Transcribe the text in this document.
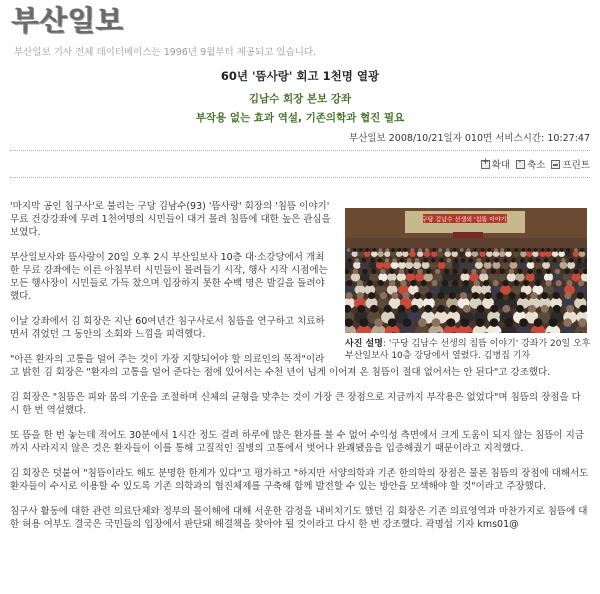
부산일보
부산일보 기사 전체 데이터베이스는 1996년 9월부터 제공되고 있습니다.
60년 '뜸사랑' 회고 1천명 열광
김남수 회장 본보 강좌
부작용 없는 효과 역설, 기존의학과 협진 필요
부산일보 2008/10/21일자 010면 서비스시간: 10:27:47
+
확대
- 축소 프린트
구당 김남수 선생의 '침뜸 이야기'
사진 설명: '구당 김남수 선생의 침뜸 이야기' 강좌가 20일 오후 부산일보사 10층 강당에서 열렸다. 김병집 기자

'마지막 공인 침구사'로 불리는 구당 김남수(93) '뜸사랑' 회장의 '침뜸 이야기' 무료 건강강좌에 무려 1천여명의 시민들이 대거 몰려 침뜸에 대한 높은 관심을 보였다.

부산일보사와 뜸사랑이 20일 오후 2시 부산일보사 10층 대·소강당에서 개최한 무료 강좌에는 이른 아침부터 시민들이 몰려들기 시작, 행사 시작 시점에는 모든 행사장이 시민들로 가득 찼으며 입장하지 못한 수백 명은 발길을 돌려야 했다.

이날 강좌에서 김 회장은 지난 60여년간 침구사로서 침뜸을 연구하고 치료하면서 겪었던 그 동안의 소회와 느낌을 피력했다.

"아픈 환자의 고통을 덜어 주는 것이 가장 지향되어야 할 의료인의 목적"이라고 밝힌 김 회장은 "환자의 고통을 덜어 준다는 점에 있어서는 수천 년이 넘게 이어져 온 침뜸이 절대 없어서는 안 된다"고 강조했다.

김 회장은 "침뜸은 피와 몸의 기운을 조절하며 신체의 균형을 맞추는 것이 가장 큰 장점으로 지금까지 부작용은 없었다"며 침뜸의 장점을 다시 한 번 역설했다.

또 뜸을 한 번 놓는데 적어도 30분에서 1시간 정도 걸려 하루에 많은 환자를 볼 수 없어 수익성 측면에서 크게 도움이 되지 않는 침뜸이 지금까지 사라지지 않은 것은 환자들이 이를 통해 고질적인 질병의 고통에서 벗어나 완쾌됐음을 입증해줬기 때문이라고 지적했다.

김 회장은 덧붙여 "침뜸이라도 해도 분명한 한계가 있다"고 평가하고 "하지만 서양의학과 기존 한의학의 장점은 물론 침뜸의 장점에 대해서도 환자들이 수시로 이용할 수 있도록 기존 의학과의 협진체제를 구축해 함께 발전할 수 있는 방안을 모색해야 할 것"이라고 주장했다.

침구사 활동에 대한 관련 의료단체와 정부의 몰이해에 대해 서운한 감정을 내비치기도 했던 김 회장은 기존 의료영역과 마찬가지로 침뜸에 대한 허용 여부도 결국은 국민들의 입장에서 판단돼 해결책을 찾아야 될 것이라고 다시 한 번 강조했다. 곽명섭 기자 kms01@
